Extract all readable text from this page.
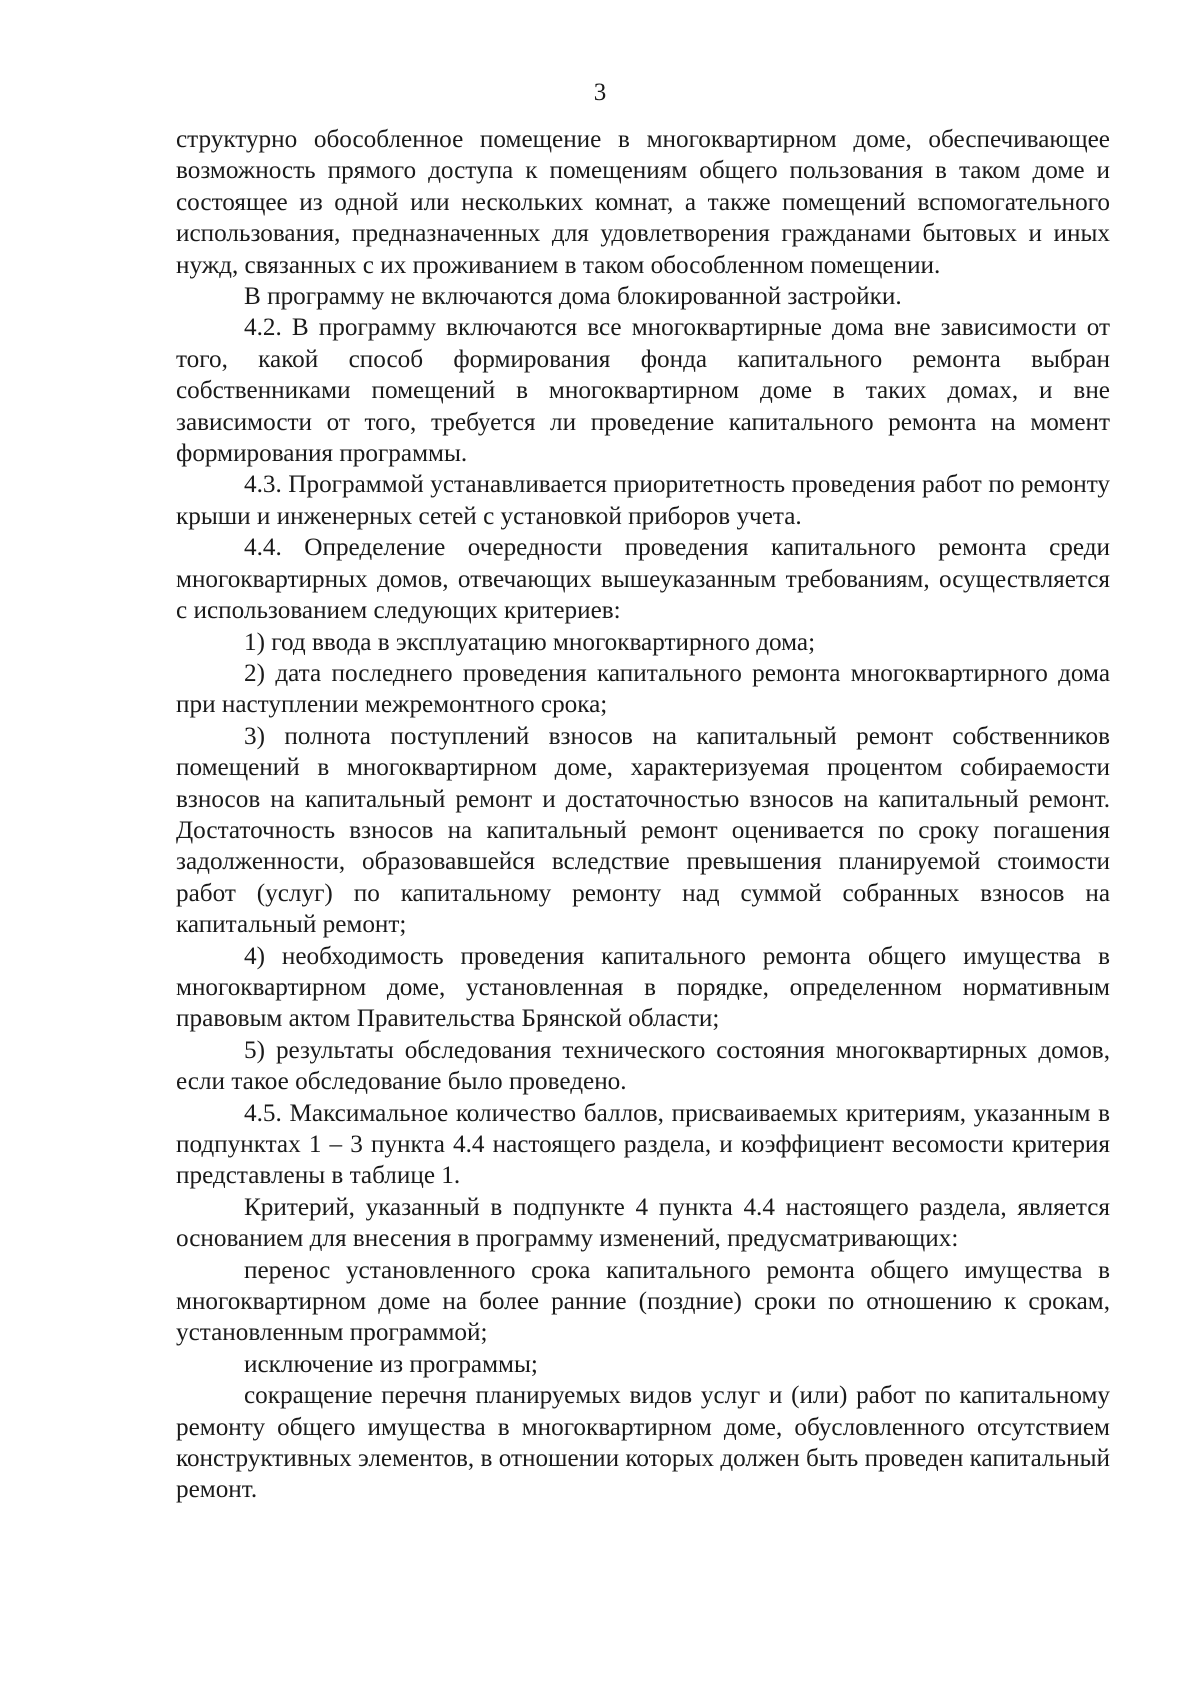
3

структурно обособленное помещение в многоквартирном доме, обеспечивающее возможность прямого доступа к помещениям общего пользования в таком доме и состоящее из одной или нескольких комнат, а также помещений вспомогательного использования, предназначенных для удовлетворения гражданами бытовых и иных нужд, связанных с их проживанием в таком обособленном помещении.

В программу не включаются дома блокированной застройки.

4.2. В программу включаются все многоквартирные дома вне зависимости от того, какой способ формирования фонда капитального ремонта выбран собственниками помещений в многоквартирном доме в таких домах, и вне зависимости от того, требуется ли проведение капитального ремонта на момент формирования программы.

4.3. Программой устанавливается приоритетность проведения работ по ремонту крыши и инженерных сетей с установкой приборов учета.

4.4. Определение очередности проведения капитального ремонта среди многоквартирных домов, отвечающих вышеуказанным требованиям, осуществляется с использованием следующих критериев:

1) год ввода в эксплуатацию многоквартирного дома;

2) дата последнего проведения капитального ремонта многоквартирного дома при наступлении межремонтного срока;

3) полнота поступлений взносов на капитальный ремонт собственников помещений в многоквартирном доме, характеризуемая процентом собираемости взносов на капитальный ремонт и достаточностью взносов на капитальный ремонт. Достаточность взносов на капитальный ремонт оценивается по сроку погашения задолженности, образовавшейся вследствие превышения планируемой стоимости работ (услуг) по капитальному ремонту над суммой собранных взносов на капитальный ремонт;

4) необходимость проведения капитального ремонта общего имущества в многоквартирном доме, установленная в порядке, определенном нормативным правовым актом Правительства Брянской области;

5) результаты обследования технического состояния многоквартирных домов, если такое обследование было проведено.

4.5. Максимальное количество баллов, присваиваемых критериям, указанным в подпунктах 1 – 3 пункта 4.4 настоящего раздела, и коэффициент весомости критерия представлены в таблице 1.

Критерий, указанный в подпункте 4 пункта 4.4 настоящего раздела, является основанием для внесения в программу изменений, предусматривающих:

перенос установленного срока капитального ремонта общего имущества в многоквартирном доме на более ранние (поздние) сроки по отношению к срокам, установленным программой;

исключение из программы;

сокращение перечня планируемых видов услуг и (или) работ по капитальному ремонту общего имущества в многоквартирном доме, обусловленного отсутствием конструктивных элементов, в отношении которых должен быть проведен капитальный ремонт.
